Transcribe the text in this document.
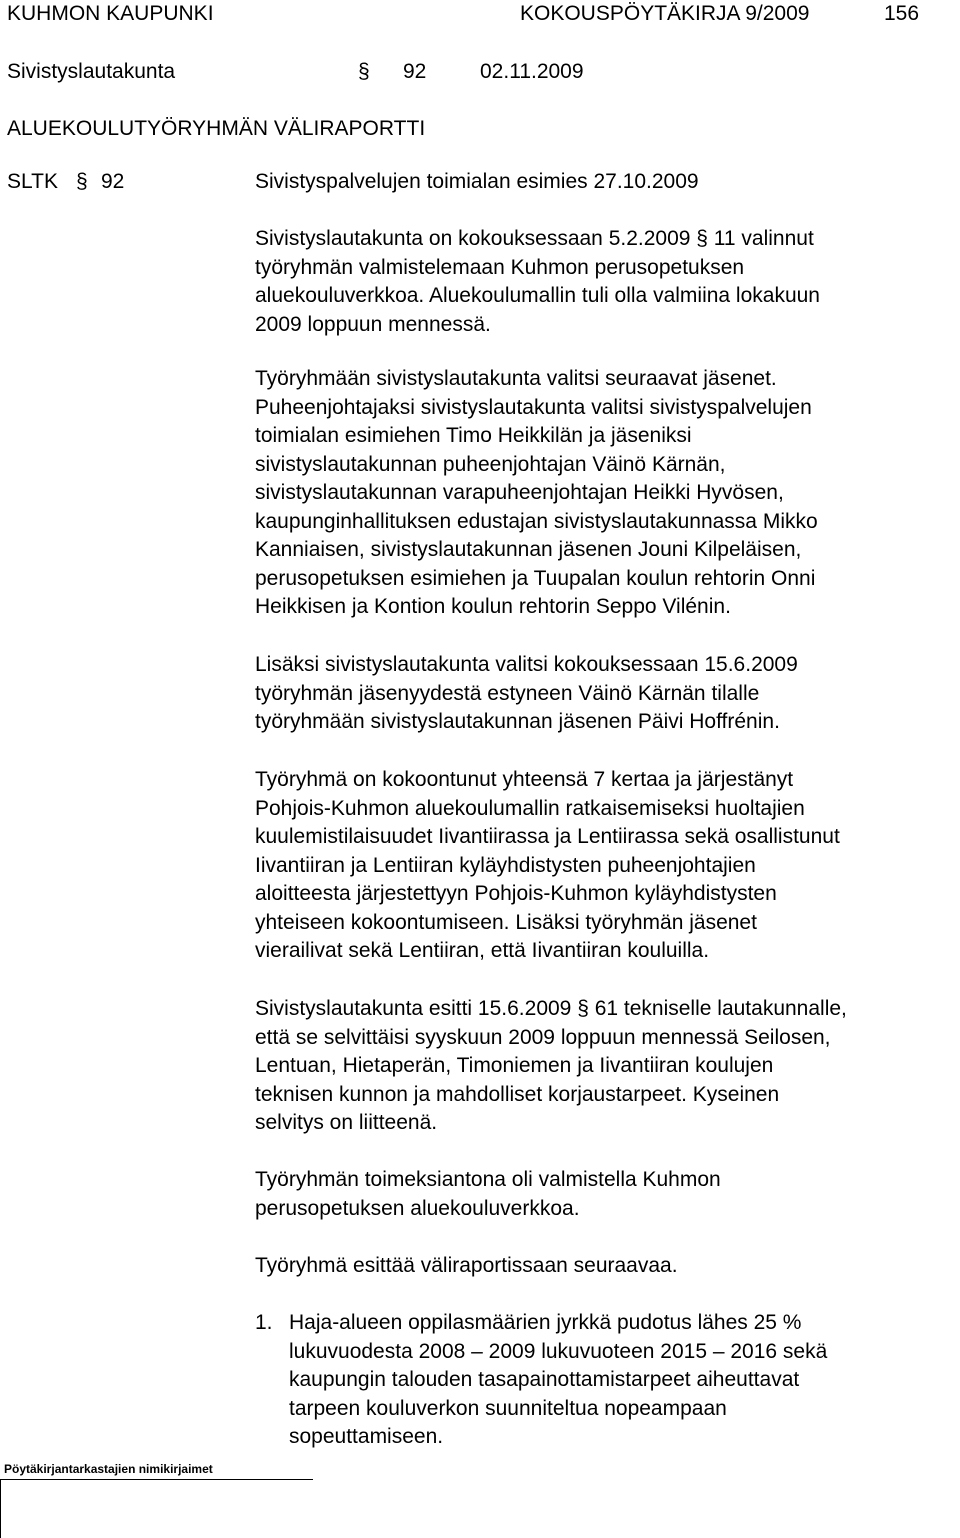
KUHMON KAUPUNKI	KOKOUSPÖYTÄKIRJA 9/2009	156
Sivistyslautakunta	§ 92	02.11.2009
ALUEKOULUTYÖRYHMÄN VÄLIRAPORTTI
SLTK § 92	Sivistyspalvelujen toimialan esimies 27.10.2009
Sivistyslautakunta on kokouksessaan 5.2.2009 § 11 valinnut
työryhmän valmistelemaan Kuhmon perusopetuksen
aluekouluverkkoa. Aluekoulumallin tuli olla valmiina lokakuun
2009 loppuun mennessä.
Työryhmään sivistyslautakunta valitsi seuraavat jäsenet.
Puheenjohtajaksi sivistyslautakunta valitsi sivistyspalvelujen
toimialan esimiehen Timo Heikkilän ja jäseniksi
sivistyslautakunnan puheenjohtajan Väinö Kärnän,
sivistyslautakunnan varapuheenjohtajan Heikki Hyvösen,
kaupunginhallituksen edustajan sivistyslautakunnassa Mikko
Kanniaisen, sivistyslautakunnan jäsenen Jouni Kilpeläisen,
perusopetuksen esimiehen ja Tuupalan koulun rehtorin Onni
Heikkisen ja Kontion koulun rehtorin Seppo Vilénin.
Lisäksi sivistyslautakunta valitsi kokouksessaan 15.6.2009
työryhmän jäsenyydestä estyneen Väinö Kärnän tilalle
työryhmään sivistyslautakunnan jäsenen Päivi Hoffrénin.
Työryhmä on kokoontunut yhteensä 7 kertaa ja järjestänyt
Pohjois-Kuhmon aluekoulumallin ratkaisemiseksi huoltajien
kuulemistilaisuudet Iivantiirassa ja Lentiirassa sekä osallistunut
Iivantiiran ja Lentiiran kyläyhdistysten puheenjohtajien
aloitteesta järjestettyyn Pohjois-Kuhmon kyläyhdistysten
yhteiseen kokoontumiseen. Lisäksi työryhmän jäsenet
vierailivat sekä Lentiiran, että Iivantiiran kouluilla.
Sivistyslautakunta esitti 15.6.2009 § 61 tekniselle lautakunnalle,
että se selvittäisi syyskuun 2009 loppuun mennessä Seilosen,
Lentuan, Hietaperän, Timoniemen ja Iivantiiran koulujen
teknisen kunnon ja mahdolliset korjaustarpeet. Kyseinen
selvitys on liitteenä.
Työryhmän toimeksiantona oli valmistella Kuhmon
perusopetuksen aluekouluverkkoa.
Työryhmä esittää väliraportissaan seuraavaa.
1. Haja-alueen oppilasmäärien jyrkkä pudotus lähes 25 %
lukuvuodesta 2008 – 2009 lukuvuoteen 2015 – 2016 sekä
kaupungin talouden tasapainottamistarpeet aiheuttavat
tarpeen kouluverkon suunniteltua nopeampaan
sopeuttamiseen.
Pöytäkirjantarkastajien nimikirjaimet
